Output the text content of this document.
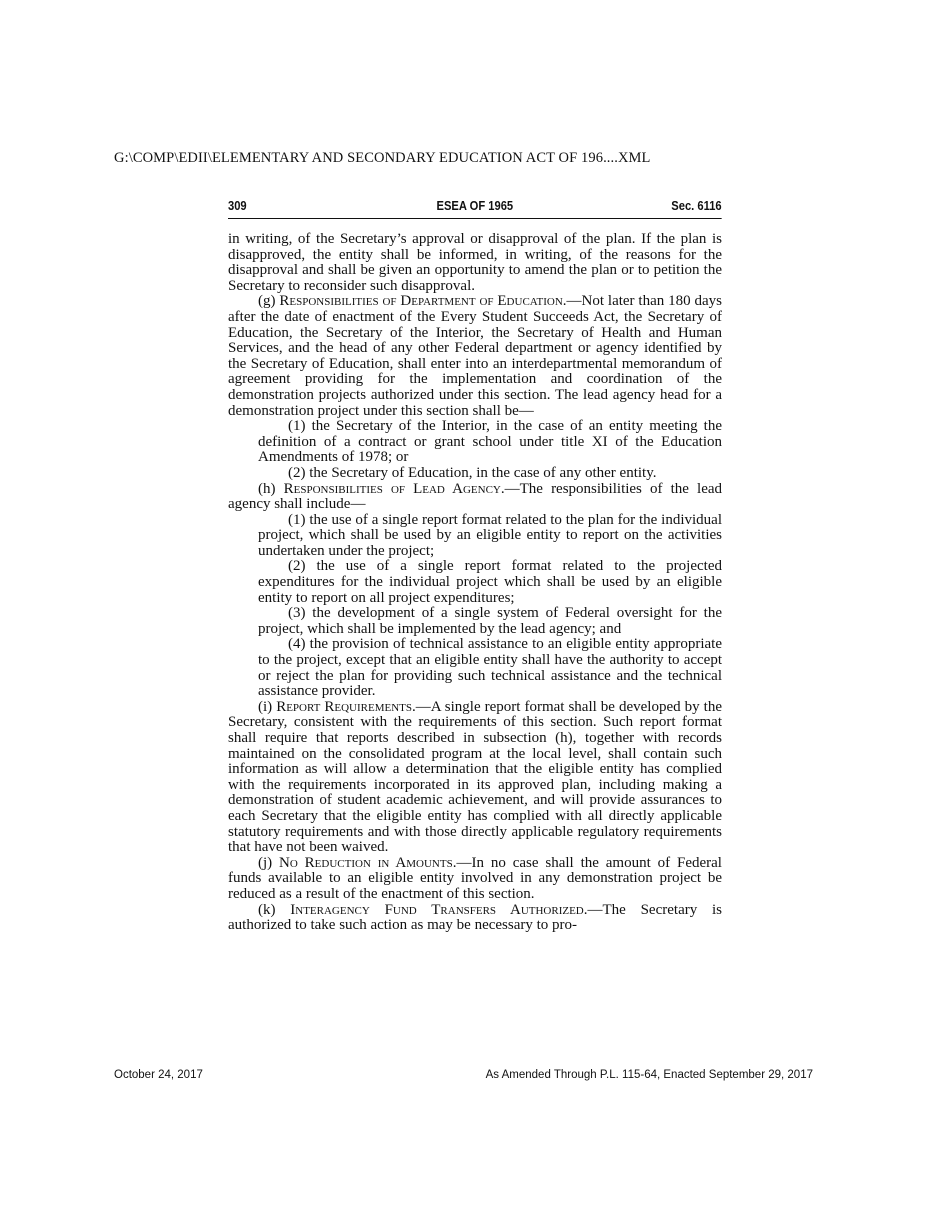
G:\COMP\EDII\ELEMENTARY AND SECONDARY EDUCATION ACT OF 196....XML
309	ESEA OF 1965	Sec. 6116

in writing, of the Secretary’s approval or disapproval of the plan. If the plan is disapproved, the entity shall be informed, in writing, of the reasons for the disapproval and shall be given an opportunity to amend the plan or to petition the Secretary to reconsider such disapproval.

(g) Responsibilities of Department of Education.—Not later than 180 days after the date of enactment of the Every Student Succeeds Act, the Secretary of Education, the Secretary of the Interior, the Secretary of Health and Human Services, and the head of any other Federal department or agency identified by the Secretary of Education, shall enter into an interdepartmental memorandum of agreement providing for the implementation and coordination of the demonstration projects authorized under this section. The lead agency head for a demonstration project under this section shall be—

(1) the Secretary of the Interior, in the case of an entity meeting the definition of a contract or grant school under title XI of the Education Amendments of 1978; or

(2) the Secretary of Education, in the case of any other entity.

(h) Responsibilities of Lead Agency.—The responsibilities of the lead agency shall include—

(1) the use of a single report format related to the plan for the individual project, which shall be used by an eligible entity to report on the activities undertaken under the project;

(2) the use of a single report format related to the projected expenditures for the individual project which shall be used by an eligible entity to report on all project expenditures;

(3) the development of a single system of Federal oversight for the project, which shall be implemented by the lead agency; and

(4) the provision of technical assistance to an eligible entity appropriate to the project, except that an eligible entity shall have the authority to accept or reject the plan for providing such technical assistance and the technical assistance provider.

(i) Report Requirements.—A single report format shall be developed by the Secretary, consistent with the requirements of this section. Such report format shall require that reports described in subsection (h), together with records maintained on the consolidated program at the local level, shall contain such information as will allow a determination that the eligible entity has complied with the requirements incorporated in its approved plan, including making a demonstration of student academic achievement, and will provide assurances to each Secretary that the eligible entity has complied with all directly applicable statutory requirements and with those directly applicable regulatory requirements that have not been waived.

(j) No Reduction in Amounts.—In no case shall the amount of Federal funds available to an eligible entity involved in any demonstration project be reduced as a result of the enactment of this section.

(k) Interagency Fund Transfers Authorized.—The Secretary is authorized to take such action as may be necessary to pro-

October 24, 2017	As Amended Through P.L. 115-64, Enacted September 29, 2017
